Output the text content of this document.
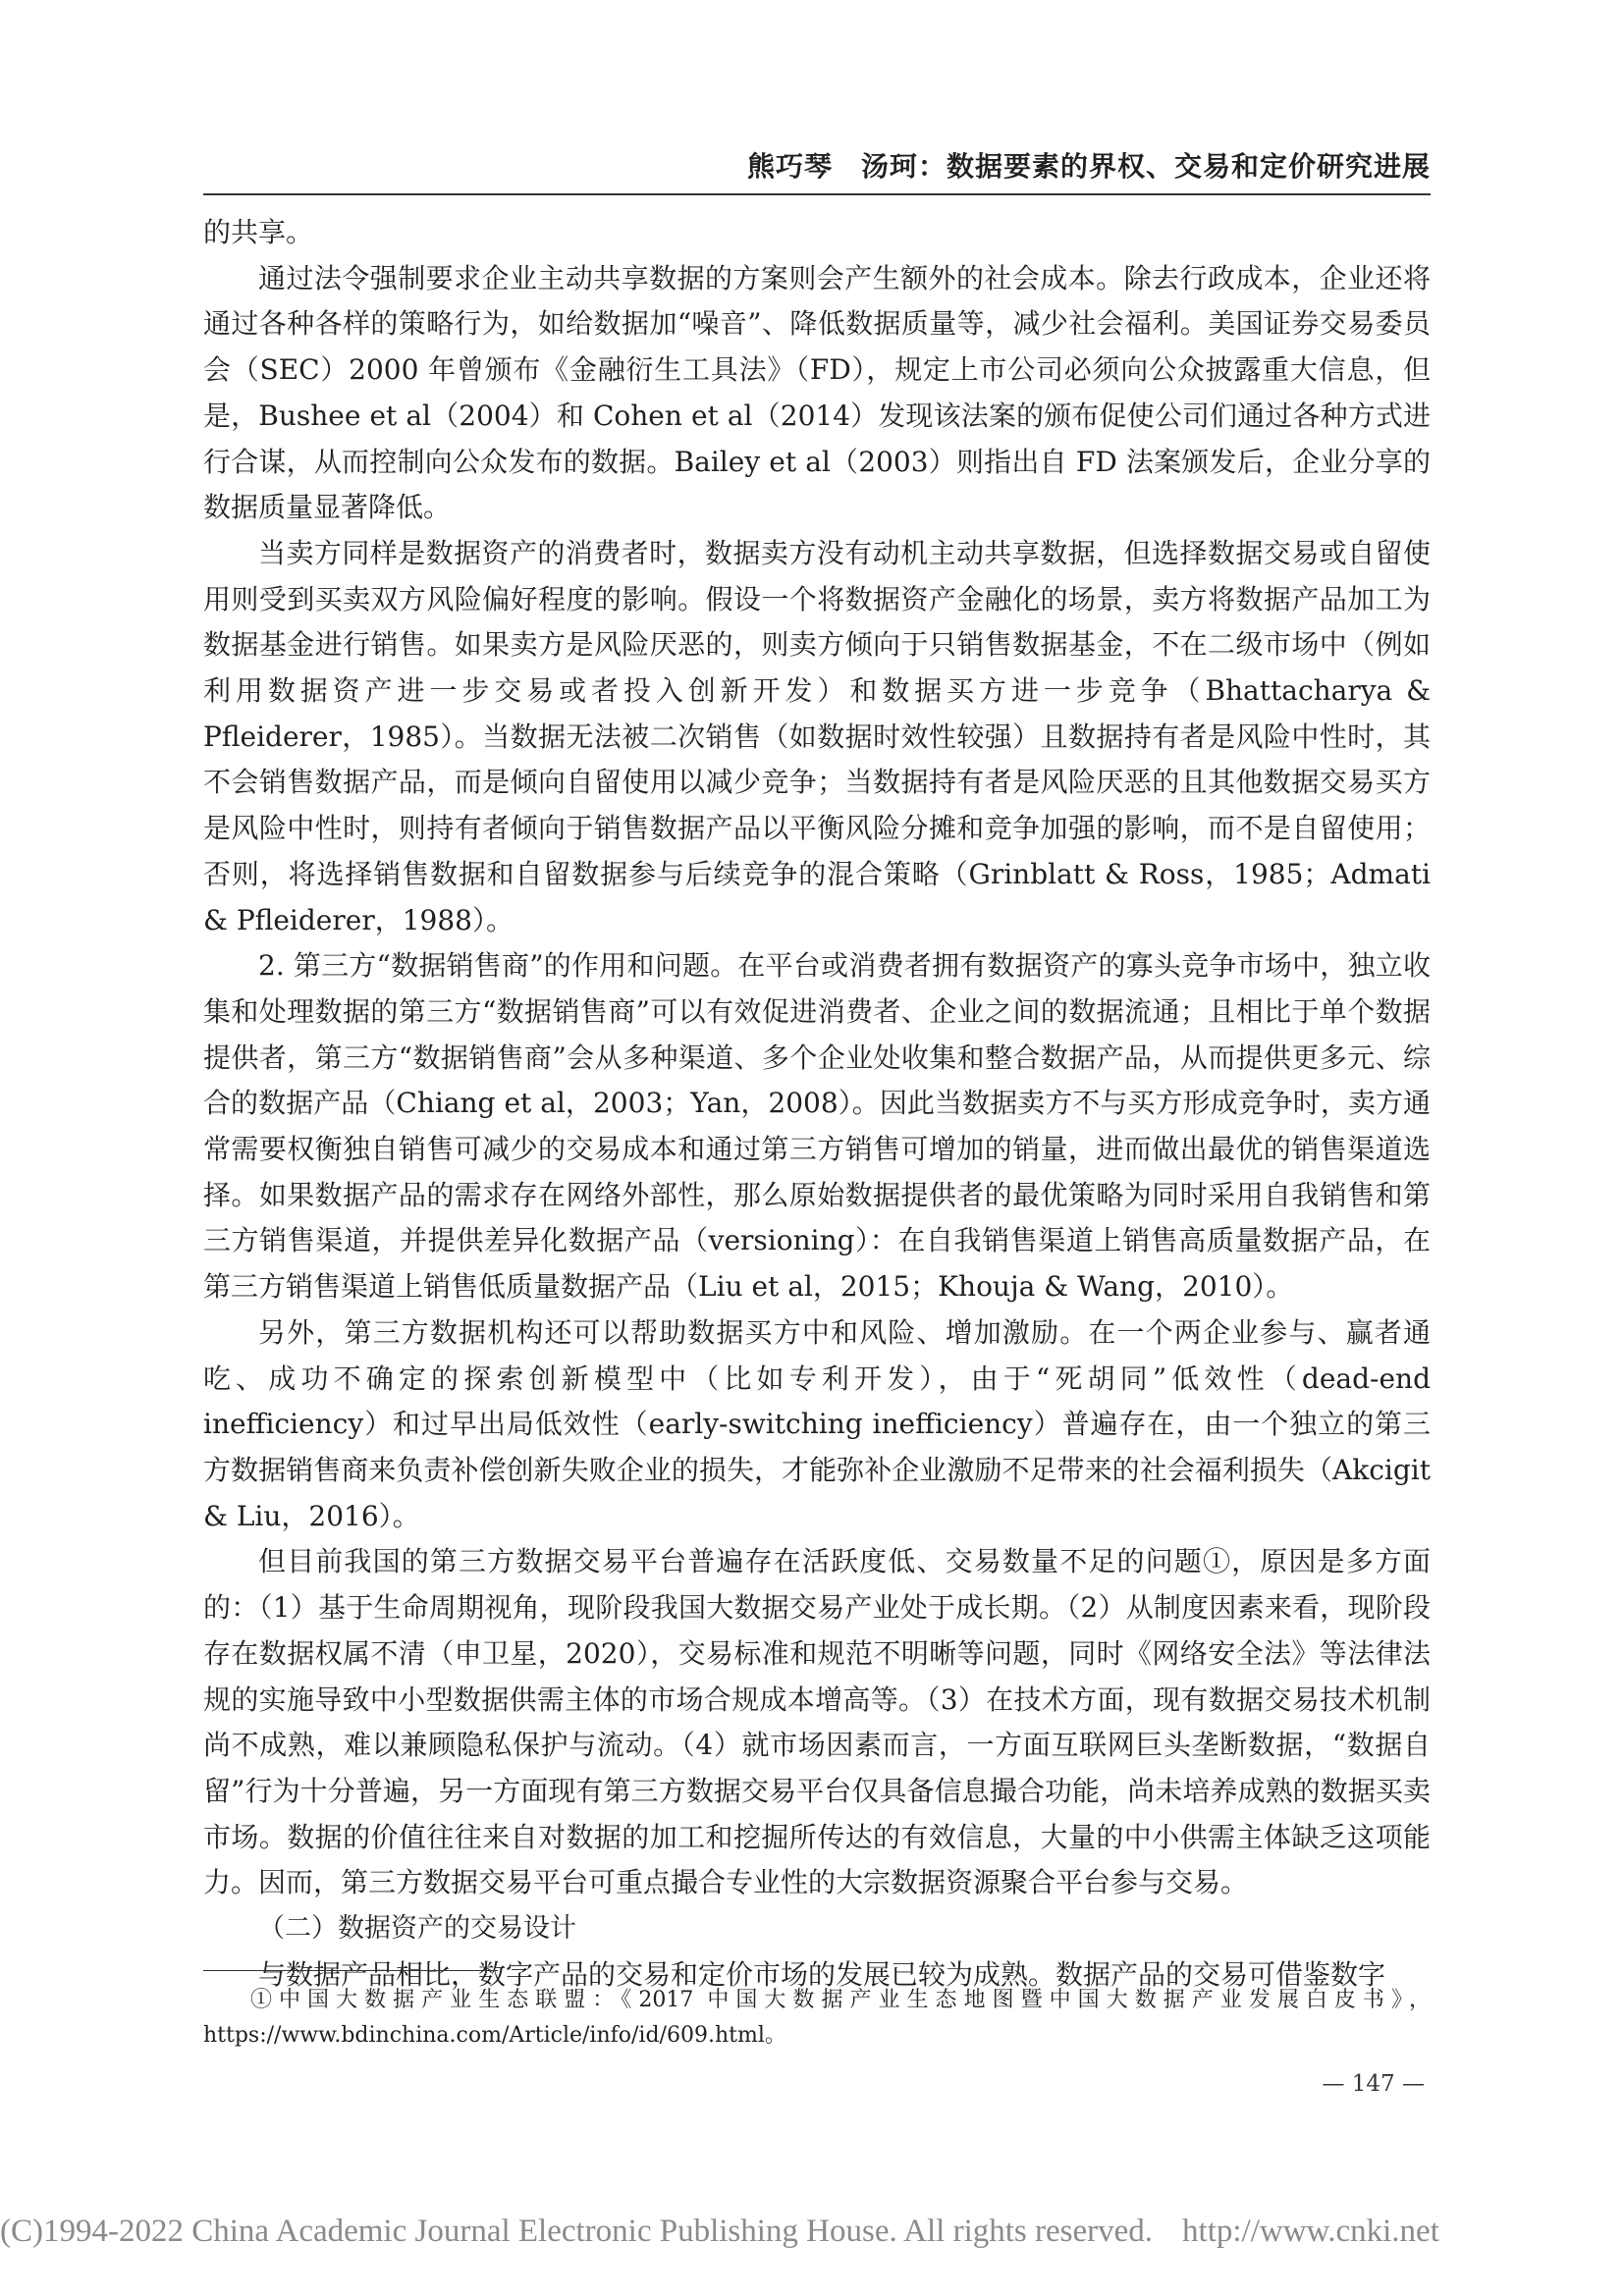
熊巧琴　汤珂：数据要素的界权、交易和定价研究进展

的共享。

通过法令强制要求企业主动共享数据的方案则会产生额外的社会成本。除去行政成本，企业还将通过各种各样的策略行为，如给数据加“噪音”、降低数据质量等，减少社会福利。美国证券交易委员会（SEC）2000 年曾颁布《金融衍生工具法》（FD），规定上市公司必须向公众披露重大信息，但是，Bushee et al（2004）和 Cohen et al（2014）发现该法案的颁布促使公司们通过各种方式进行合谋，从而控制向公众发布的数据。Bailey et al（2003）则指出自 FD 法案颁发后，企业分享的数据质量显著降低。

当卖方同样是数据资产的消费者时，数据卖方没有动机主动共享数据，但选择数据交易或自留使用则受到买卖双方风险偏好程度的影响。假设一个将数据资产金融化的场景，卖方将数据产品加工为数据基金进行销售。如果卖方是风险厌恶的，则卖方倾向于只销售数据基金，不在二级市场中（例如利用数据资产进一步交易或者投入创新开发）和数据买方进一步竞争（Bhattacharya & Pfleiderer，1985）。当数据无法被二次销售（如数据时效性较强）且数据持有者是风险中性时，其不会销售数据产品，而是倾向自留使用以减少竞争；当数据持有者是风险厌恶的且其他数据交易买方是风险中性时，则持有者倾向于销售数据产品以平衡风险分摊和竞争加强的影响，而不是自留使用；否则，将选择销售数据和自留数据参与后续竞争的混合策略（Grinblatt & Ross，1985；Admati & Pfleiderer，1988）。

2. 第三方“数据销售商”的作用和问题。在平台或消费者拥有数据资产的寡头竞争市场中，独立收集和处理数据的第三方“数据销售商”可以有效促进消费者、企业之间的数据流通；且相比于单个数据提供者，第三方“数据销售商”会从多种渠道、多个企业处收集和整合数据产品，从而提供更多元、综合的数据产品（Chiang et al，2003；Yan，2008）。因此当数据卖方不与买方形成竞争时，卖方通常需要权衡独自销售可减少的交易成本和通过第三方销售可增加的销量，进而做出最优的销售渠道选择。如果数据产品的需求存在网络外部性，那么原始数据提供者的最优策略为同时采用自我销售和第三方销售渠道，并提供差异化数据产品（versioning）：在自我销售渠道上销售高质量数据产品，在第三方销售渠道上销售低质量数据产品（Liu et al，2015；Khouja & Wang，2010）。

另外，第三方数据机构还可以帮助数据买方中和风险、增加激励。在一个两企业参与、赢者通吃、成功不确定的探索创新模型中（比如专利开发），由于“死胡同”低效性（dead-end inefficiency）和过早出局低效性（early-switching inefficiency）普遍存在，由一个独立的第三方数据销售商来负责补偿创新失败企业的损失，才能弥补企业激励不足带来的社会福利损失（Akcigit & Liu，2016）。

但目前我国的第三方数据交易平台普遍存在活跃度低、交易数量不足的问题①，原因是多方面的：（1）基于生命周期视角，现阶段我国大数据交易产业处于成长期。（2）从制度因素来看，现阶段存在数据权属不清（申卫星，2020），交易标准和规范不明晰等问题，同时《网络安全法》等法律法规的实施导致中小型数据供需主体的市场合规成本增高等。（3）在技术方面，现有数据交易技术机制尚不成熟，难以兼顾隐私保护与流动。（4）就市场因素而言，一方面互联网巨头垄断数据，“数据自留”行为十分普遍，另一方面现有第三方数据交易平台仅具备信息撮合功能，尚未培养成熟的数据买卖市场。数据的价值往往来自对数据的加工和挖掘所传达的有效信息，大量的中小供需主体缺乏这项能力。因而，第三方数据交易平台可重点撮合专业性的大宗数据资源聚合平台参与交易。

（二）数据资产的交易设计

与数据产品相比，数字产品的交易和定价市场的发展已较为成熟。数据产品的交易可借鉴数字

①中国大数据产业生态联盟：《2017 中国大数据产业生态地图暨中国大数据产业发展白皮书》，https://www.bdinchina.com/Article/info/id/609.html。
— 147 —
(C)1994-2022 China Academic Journal Electronic Publishing House. All rights reserved. http://www.cnki.net
